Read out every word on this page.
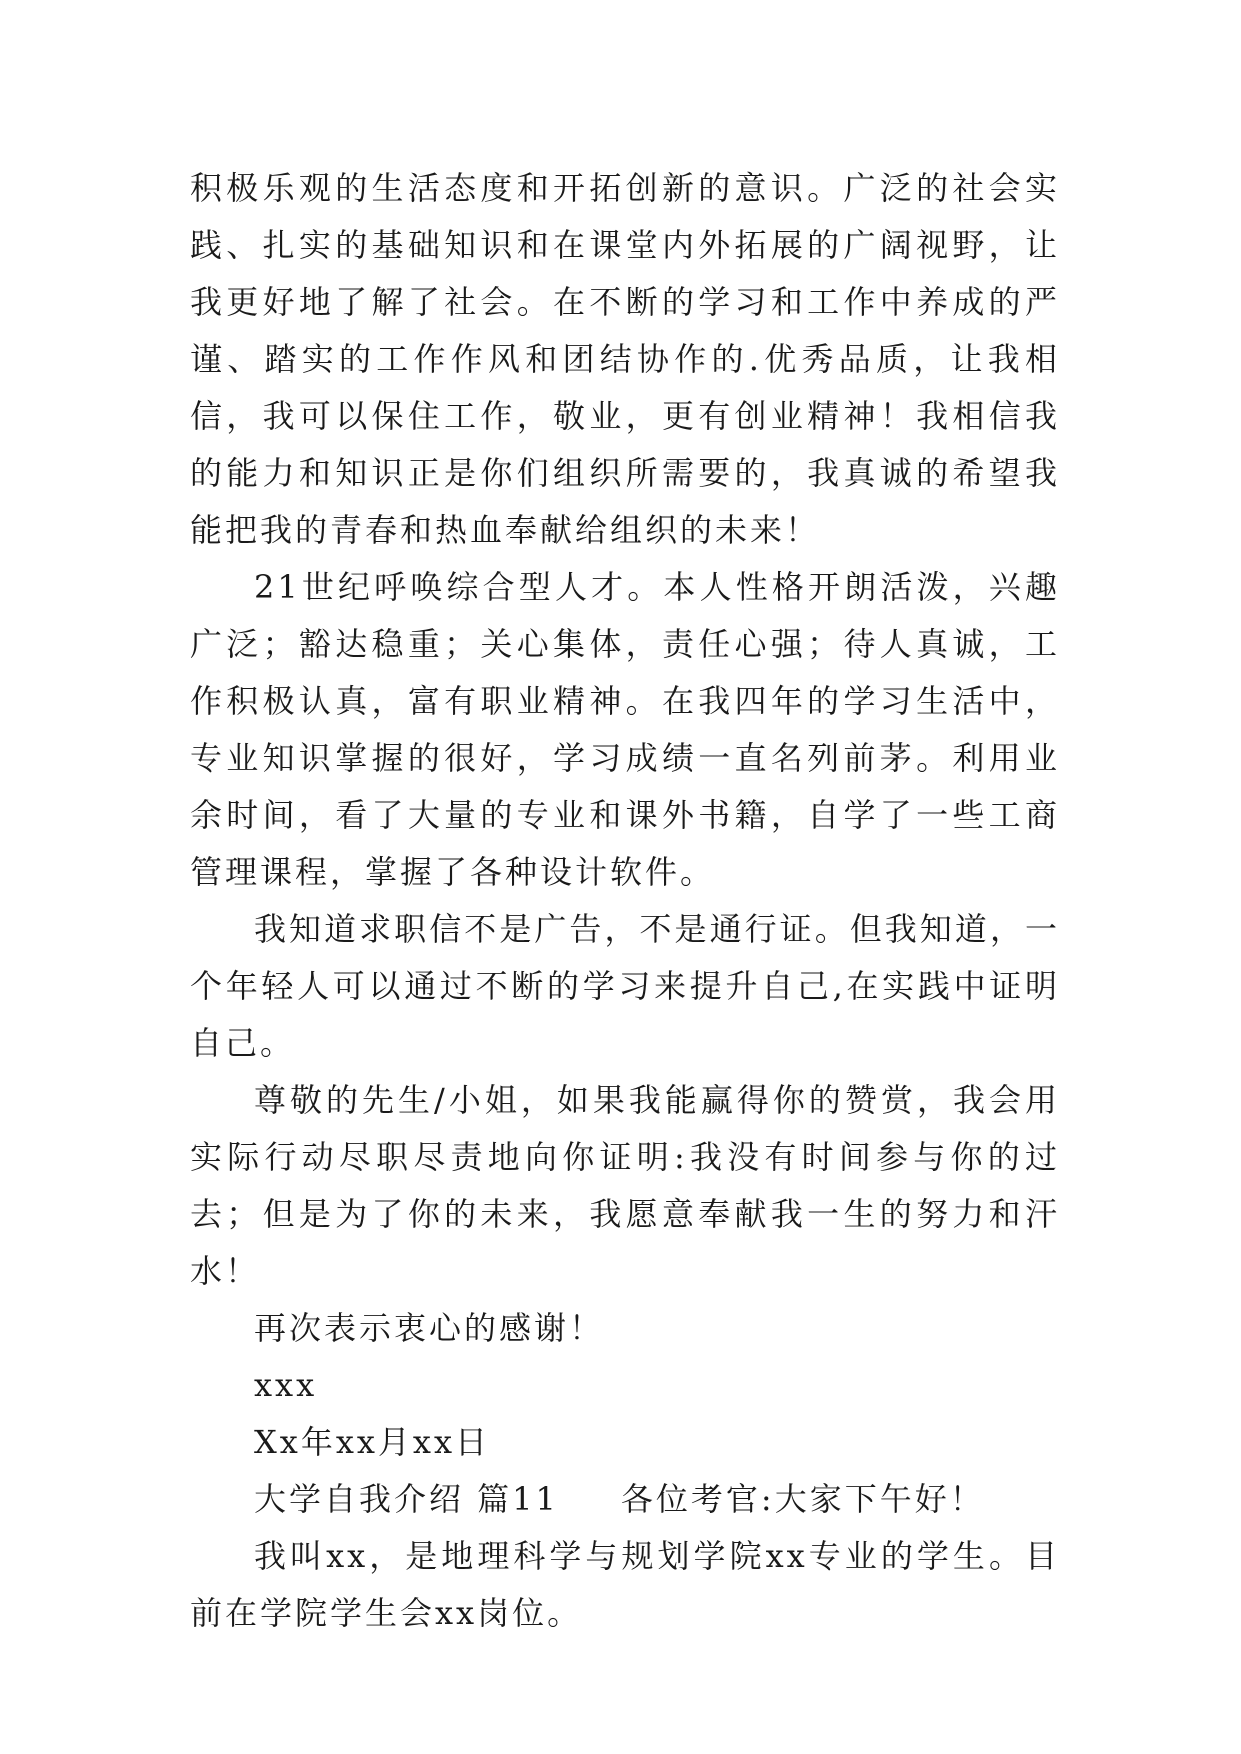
积极乐观的生活态度和开拓创新的意识。广泛的社会实践、扎实的基础知识和在课堂内外拓展的广阔视野，让我更好地了解了社会。在不断的学习和工作中养成的严谨、踏实的工作作风和团结协作的.优秀品质，让我相信，我可以保住工作，敬业，更有创业精神！我相信我的能力和知识正是你们组织所需要的，我真诚的希望我能把我的青春和热血奉献给组织的未来！

21世纪呼唤综合型人才。本人性格开朗活泼，兴趣广泛；豁达稳重；关心集体，责任心强；待人真诚，工作积极认真，富有职业精神。在我四年的学习生活中，专业知识掌握的很好，学习成绩一直名列前茅。利用业余时间，看了大量的专业和课外书籍，自学了一些工商管理课程，掌握了各种设计软件。

我知道求职信不是广告，不是通行证。但我知道，一个年轻人可以通过不断的学习来提升自己,在实践中证明自己。

尊敬的先生/小姐，如果我能赢得你的赞赏，我会用实际行动尽职尽责地向你证明:我没有时间参与你的过去；但是为了你的未来，我愿意奉献我一生的努力和汗水！

再次表示衷心的感谢！

xxx

Xx年xx月xx日

大学自我介绍 篇11 各位考官:大家下午好！

我叫xx，是地理科学与规划学院xx专业的学生。目前在学院学生会xx岗位。
